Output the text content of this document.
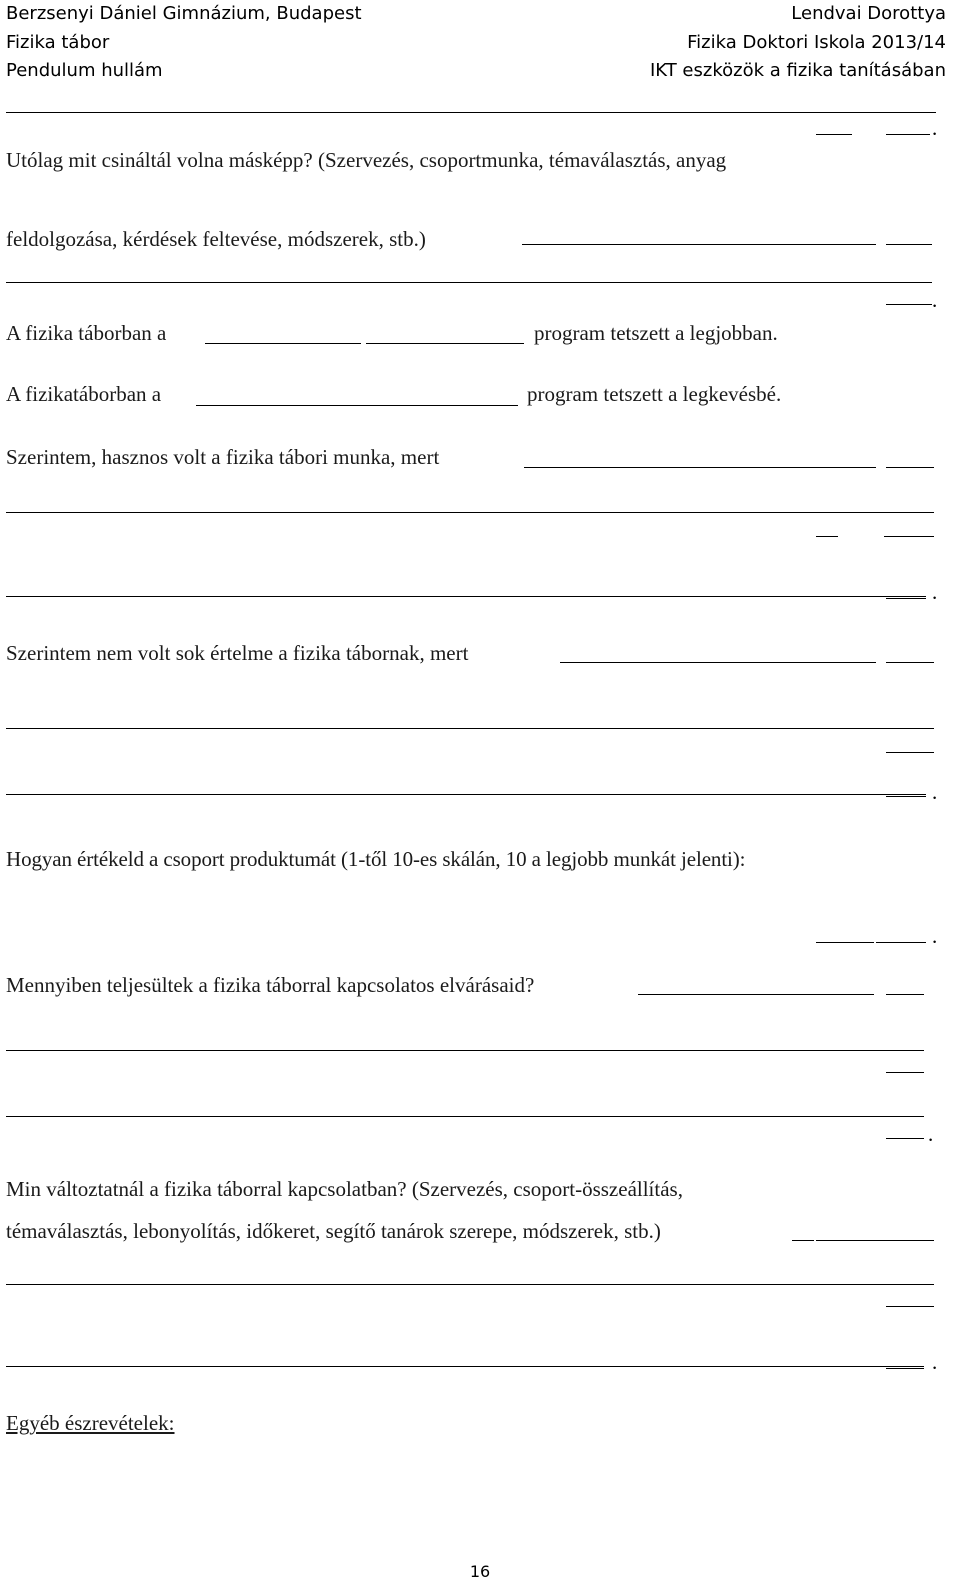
Berzsenyi Dániel Gimnázium, Budapest	Lendvai Dorottya
Fizika tábor	Fizika Doktori Iskola 2013/14
Pendulum hullám	IKT eszközök a fizika tanításában
.
Utólag mit csináltál volna másképp? (Szervezés, csoportmunka, témaválasztás, anyag
feldolgozása, kérdések feltevése, módszerek, stb.)
.
A fizika táborban a	program tetszett a legjobban.
A fizikatáborban a	program tetszett a legkevésbé.
Szerintem, hasznos volt a fizika tábori munka, mert
.
Szerintem nem volt sok értelme a fizika tábornak, mert
.
Hogyan értékeld a csoport produktumát (1-től 10-es skálán, 10 a legjobb munkát jelenti):
.
Mennyiben teljesültek a fizika táborral kapcsolatos elvárásaid?
.
Min változtatnál a fizika táborral kapcsolatban? (Szervezés, csoport-összeállítás,
témaválasztás, lebonyolítás, időkeret, segítő tanárok szerepe, módszerek, stb.)
.
Egyéb észrevételek:
16
